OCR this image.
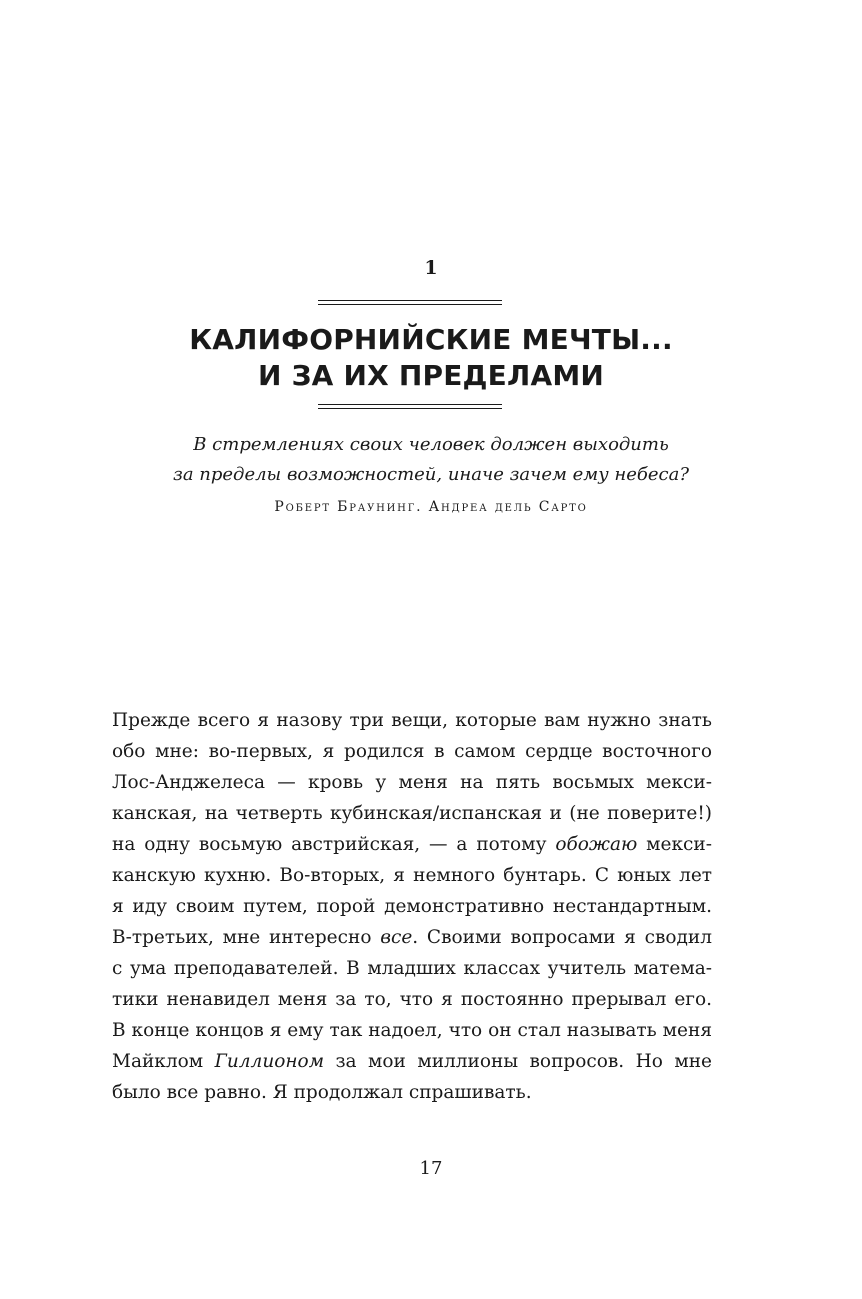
1
КАЛИФОРНИЙСКИЕ МЕЧТЫ...
И ЗА ИХ ПРЕДЕЛАМИ
В стремлениях своих человек должен выходить
за пределы возможностей, иначе зачем ему небеса?
Роберт Браунинг. Андреа дель Сарто
Прежде всего я назову три вещи, которые вам нужно знать
обо мне: во-первых, я родился в самом сердце восточного
Лос-Анджелеса — кровь у меня на пять восьмых мекси-
канская, на четверть кубинская/испанская и (не поверите!)
на одну восьмую австрийская, — а потому обожаю мекси-
канскую кухню. Во-вторых, я немного бунтарь. С юных лет
я иду своим путем, порой демонстративно нестандартным.
В-третьих, мне интересно все. Своими вопросами я сводил
с ума преподавателей. В младших классах учитель матема-
тики ненавидел меня за то, что я постоянно прерывал его.
В конце концов я ему так надоел, что он стал называть меня
Майклом Гиллионом за мои миллионы вопросов. Но мне
было все равно. Я продолжал спрашивать.
17
